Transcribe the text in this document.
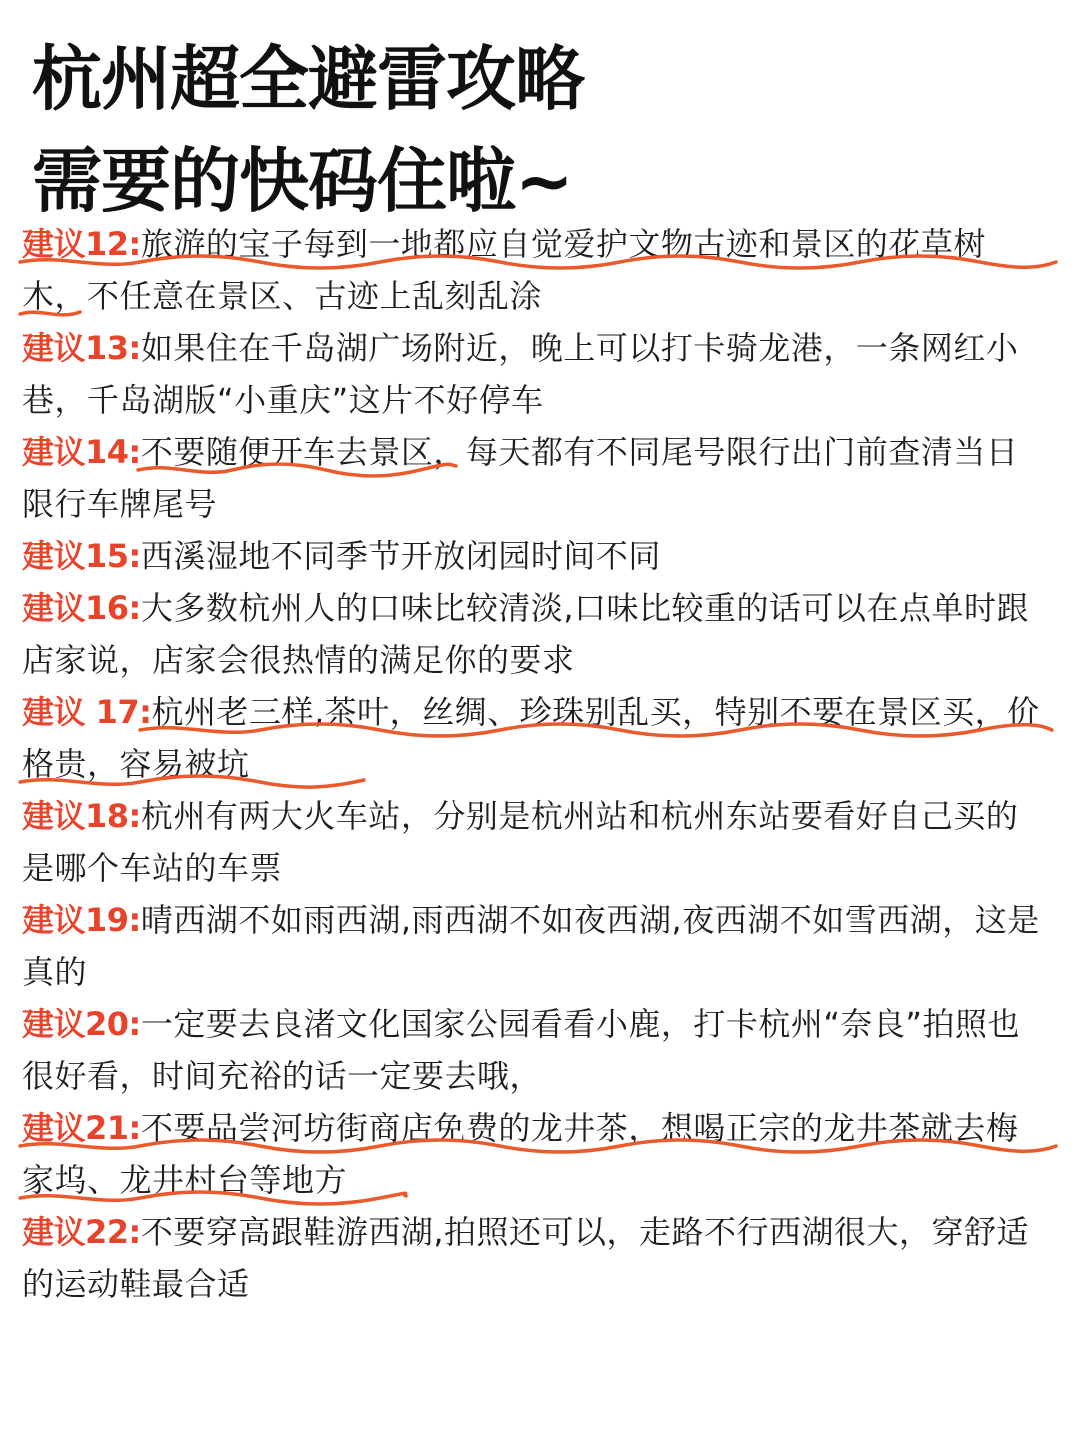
杭州超全避雷攻略
需要的快码住啦~

建议12:旅游的宝子每到一地都应自觉爱护文物古迹和景区的花草树木，不任意在景区、古迹上乱刻乱涂

建议13:如果住在千岛湖广场附近，晚上可以打卡骑龙港，一条网红小巷，千岛湖版“小重庆”这片不好停车

建议14:不要随便开车去景区，每天都有不同尾号限行出门前查清当日限行车牌尾号

建议15:西溪湿地不同季节开放闭园时间不同

建议16:大多数杭州人的口味比较清淡,口味比较重的话可以在点单时跟店家说，店家会很热情的满足你的要求

建议 17:杭州老三样,茶叶，丝绸、珍珠别乱买，特别不要在景区买，价格贵，容易被坑

建议18:杭州有两大火车站，分别是杭州站和杭州东站要看好自己买的是哪个车站的车票

建议19:晴西湖不如雨西湖,雨西湖不如夜西湖,夜西湖不如雪西湖，这是真的

建议20:一定要去良渚文化国家公园看看小鹿，打卡杭州“奈良”拍照也很好看，时间充裕的话一定要去哦，

建议21:不要品尝河坊街商店免费的龙井茶，想喝正宗的龙井茶就去梅家坞、龙井村台等地方

建议22:不要穿高跟鞋游西湖,拍照还可以，走路不行西湖很大，穿舒适的运动鞋最合适
